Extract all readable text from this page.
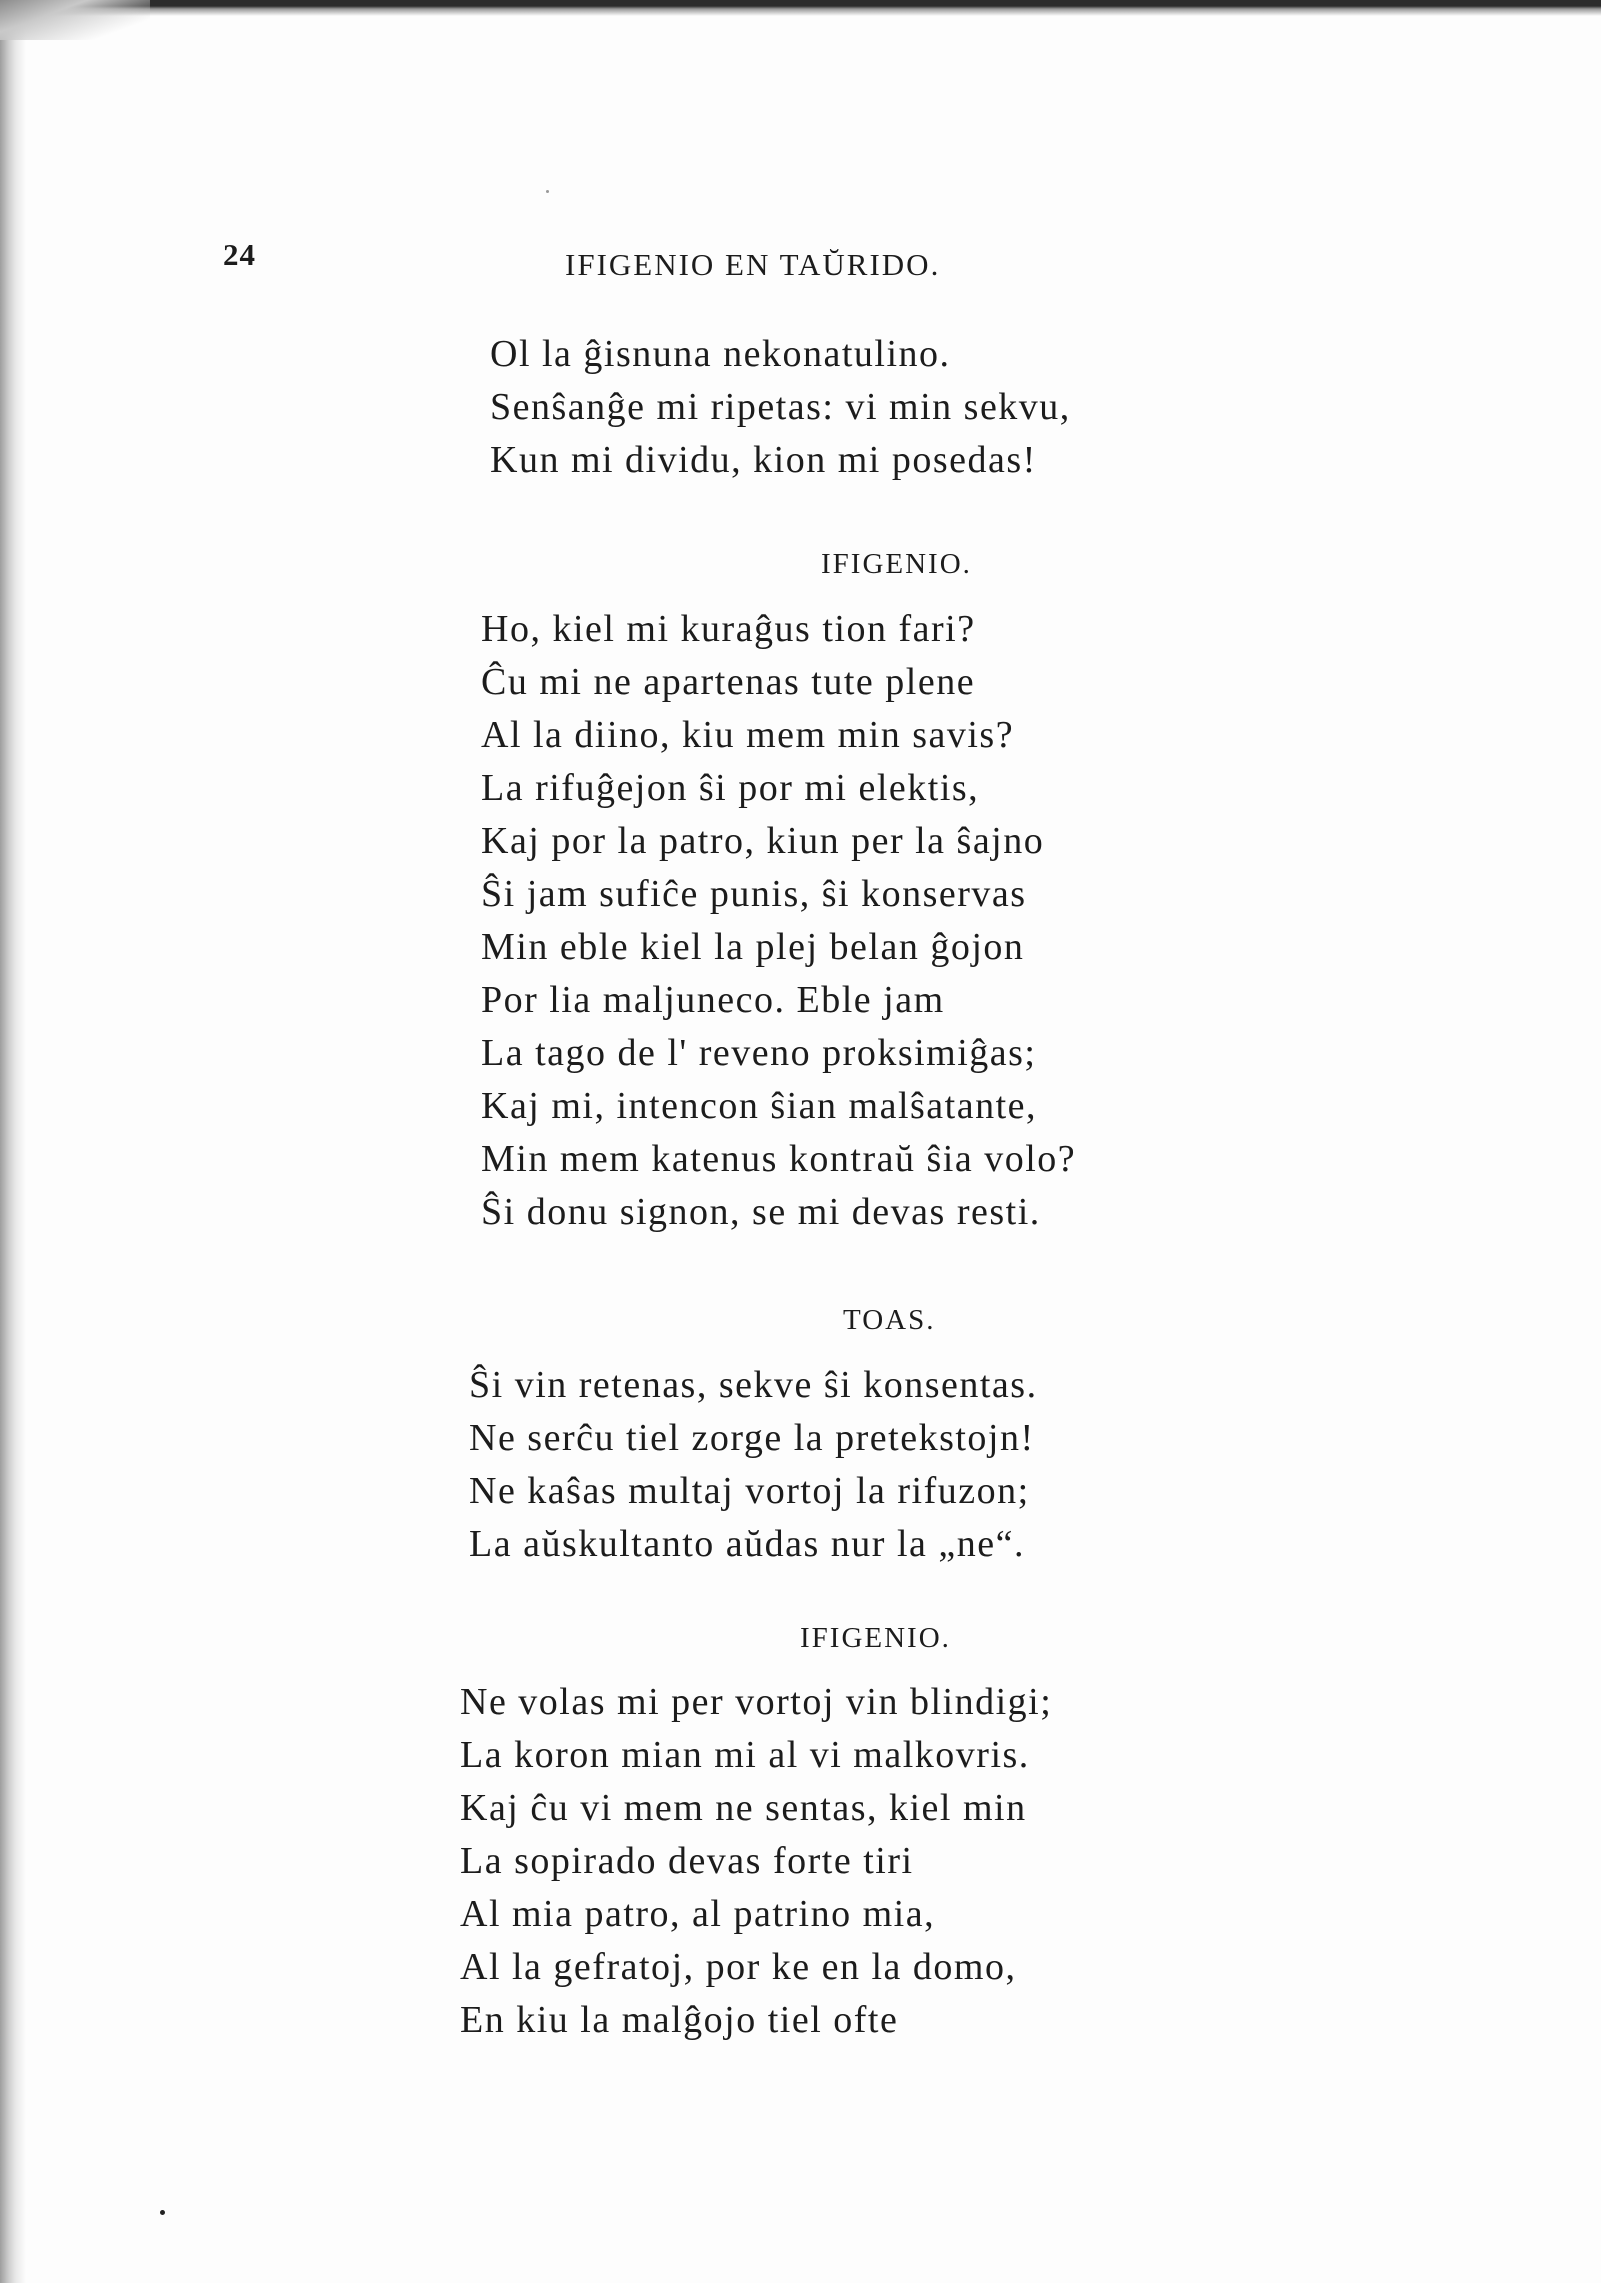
24	IFIGENIO EN TAŬRIDO.
Ol la ĝisnuna nekonatulino.
Senŝanĝe mi ripetas: vi min sekvu,
Kun mi dividu, kion mi posedas!
IFIGENIO.
Ho, kiel mi kuraĝus tion fari?
Ĉu mi ne apartenas tute plene
Al la diino, kiu mem min savis?
La rifuĝejon ŝi por mi elektis,
Kaj por la patro, kiun per la ŝajno
Ŝi jam sufiĉe punis, ŝi konservas
Min eble kiel la plej belan ĝojon
Por lia maljuneco. Eble jam
La tago de l' reveno proksimiĝas;
Kaj mi, intencon ŝian malŝatante,
Min mem katenus kontraŭ ŝia volo?
Ŝi donu signon, se mi devas resti.
TOAS.
Ŝi vin retenas, sekve ŝi konsentas.
Ne serĉu tiel zorge la pretekstojn!
Ne kaŝas multaj vortoj la rifuzon;
La aŭskultanto aŭdas nur la „ne“.
IFIGENIO.
Ne volas mi per vortoj vin blindigi;
La koron mian mi al vi malkovris.
Kaj ĉu vi mem ne sentas, kiel min
La sopirado devas forte tiri
Al mia patro, al patrino mia,
Al la gefratoj, por ke en la domo,
En kiu la malĝojo tiel ofte
